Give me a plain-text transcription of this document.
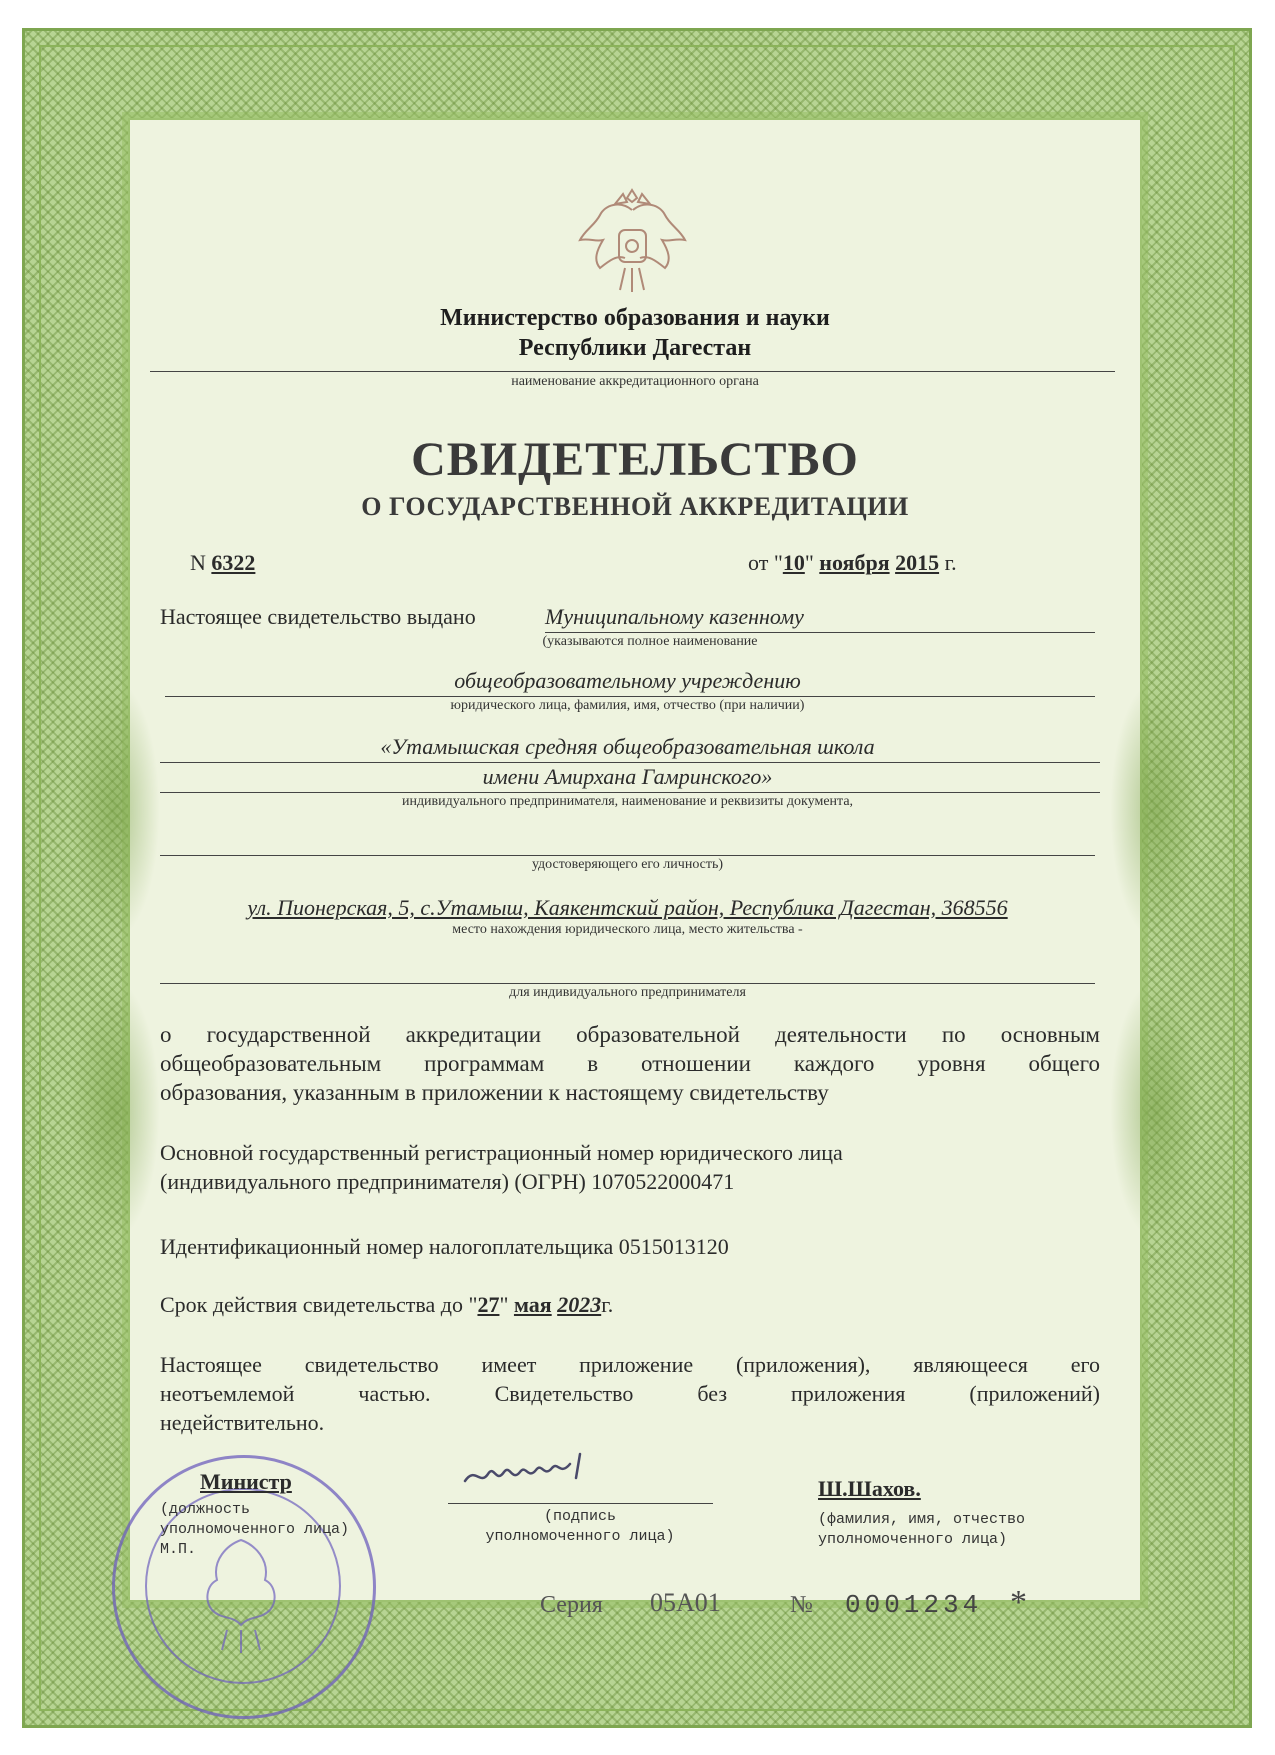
Министерство образования и науки
Республики Дагестан
наименование аккредитационного органа
СВИДЕТЕЛЬСТВО
О ГОСУДАРСТВЕННОЙ АККРЕДИТАЦИИ
N 6322	от "10" ноября 2015 г.
Настоящее свидетельство выдано	Муниципальному казенному
(указываются полное наименование
общеобразовательному учреждению
юридического лица, фамилия, имя, отчество (при наличии)
«Утамышская средняя общеобразовательная школа
имени Амирхана Гамринского»
индивидуального предпринимателя, наименование и реквизиты документа,
удостоверяющего его личность)
ул. Пионерская, 5, с.Утамыш, Каякентский район, Республика Дагестан, 368556
место нахождения юридического лица, место жительства -
для индивидуального предпринимателя
о государственной аккредитации образовательной деятельности по основным
общеобразовательным программам в отношении каждого уровня общего
образования, указанным в приложении к настоящему свидетельству
Основной государственный регистрационный номер юридического лица
(индивидуального предпринимателя) (ОГРН) 1070522000471
Идентификационный номер налогоплательщика 0515013120
Срок действия свидетельства до "27" мая 2023г.
Настоящее свидетельство имеет приложение (приложения), являющееся его
неотъемлемой частью. Свидетельство без приложения (приложений)
недействительно.
Министр
(должность
уполномоченного лица)
М.П.
(подпись
уполномоченного лица)
Ш.Шахов.
(фамилия, имя, отчество
уполномоченного лица)
Серия 05А01	№ 0001234 *
